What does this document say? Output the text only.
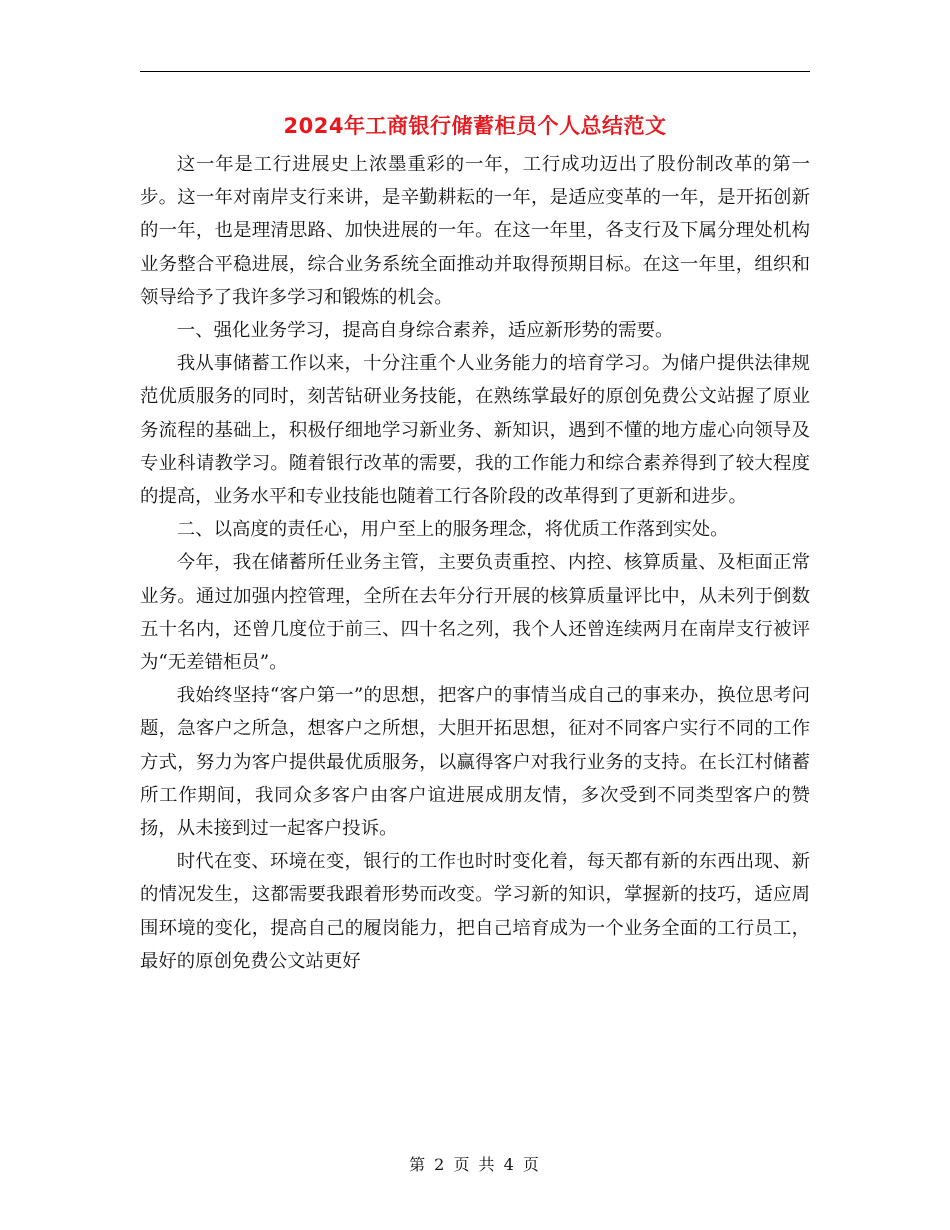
2024年工商银行储蓄柜员个人总结范文

这一年是工行进展史上浓墨重彩的一年，工行成功迈出了股份制改革的第一步。这一年对南岸支行来讲，是辛勤耕耘的一年，是适应变革的一年，是开拓创新的一年，也是理清思路、加快进展的一年。在这一年里，各支行及下属分理处机构业务整合平稳进展，综合业务系统全面推动并取得预期目标。在这一年里，组织和领导给予了我许多学习和锻炼的机会。

一、强化业务学习，提高自身综合素养，适应新形势的需要。

我从事储蓄工作以来，十分注重个人业务能力的培育学习。为储户提供法律规范优质服务的同时，刻苦钻研业务技能，在熟练掌最好的原创免费公文站握了原业务流程的基础上，积极仔细地学习新业务、新知识，遇到不懂的地方虚心向领导及专业科请教学习。随着银行改革的需要，我的工作能力和综合素养得到了较大程度的提高，业务水平和专业技能也随着工行各阶段的改革得到了更新和进步。

二、以高度的责任心，用户至上的服务理念，将优质工作落到实处。

今年，我在储蓄所任业务主管，主要负责重控、内控、核算质量、及柜面正常业务。通过加强内控管理，全所在去年分行开展的核算质量评比中，从未列于倒数五十名内，还曾几度位于前三、四十名之列，我个人还曾连续两月在南岸支行被评为“无差错柜员”。

我始终坚持“客户第一”的思想，把客户的事情当成自己的事来办，换位思考问题，急客户之所急，想客户之所想，大胆开拓思想，征对不同客户实行不同的工作方式，努力为客户提供最优质服务，以赢得客户对我行业务的支持。在长江村储蓄所工作期间，我同众多客户由客户谊进展成朋友情，多次受到不同类型客户的赞扬，从未接到过一起客户投诉。

时代在变、环境在变，银行的工作也时时变化着，每天都有新的东西出现、新的情况发生，这都需要我跟着形势而改变。学习新的知识，掌握新的技巧，适应周围环境的变化，提高自己的履岗能力，把自己培育成为一个业务全面的工行员工，最好的原创免费公文站更好

第 2 页 共 4 页
